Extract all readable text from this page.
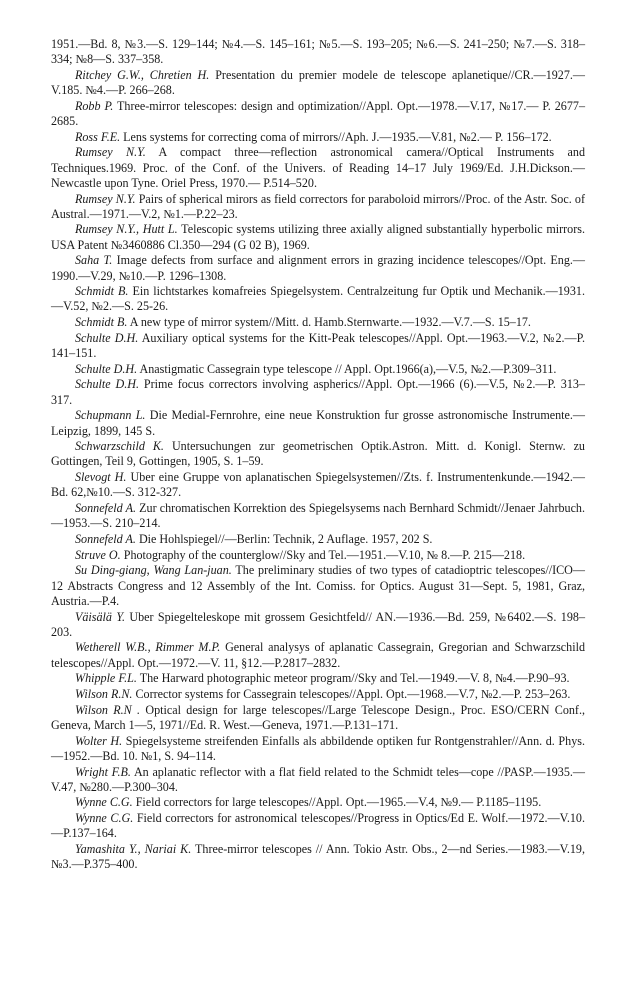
1951.—Bd. 8, №3.—S. 129–144; №4.—S. 145–161; №5.—S. 193–205; №6.—S. 241–250; №7.—S. 318–334; №8—S. 337–358.

Ritchey G.W., Chretien H. Presentation du premier modele de telescope aplanetique//CR.—1927.—V.185. №4.—P. 266–268.

Robb P. Three-mirror telescopes: design and optimization//Appl. Opt.—1978.—V.17, №17.— P. 2677–2685.

Ross F.E. Lens systems for correcting coma of mirrors//Aph. J.—1935.—V.81, №2.— P. 156–172.

Rumsey N.Y. A compact three—reflection astronomical camera//Optical Instruments and Techniques.1969. Proc. of the Conf. of the Univers. of Reading 14–17 July 1969/Ed. J.H.Dickson.—Newcastle upon Tyne. Oriel Press, 1970.— P.514–520.

Rumsey N.Y. Pairs of spherical mirors as field correctors for paraboloid mirrors//Proc. of the Astr. Soc. of Austral.—1971.—V.2, №1.—P.22–23.

Rumsey N.Y., Hutt L. Telescopic systems utilizing three axially aligned substantially hyperbolic mirrors. USA Patent №3460886 Cl.350—294 (G 02 B), 1969.

Saha T. Image defects from surface and alignment errors in grazing incidence telescopes//Opt. Eng.—1990.—V.29, №10.—P. 1296–1308.

Schmidt B. Ein lichtstarkes komafreies Spiegelsystem. Centralzeitung fur Optik und Mechanik.—1931.—V.52, №2.—S. 25-26.

Schmidt B. A new type of mirror system//Mitt. d. Hamb.Sternwarte.—1932.—V.7.—S. 15–17.

Schulte D.H. Auxiliary optical systems for the Kitt-Peak telescopes//Appl. Opt.—1963.—V.2, №2.—P. 141–151.

Schulte D.H. Anastigmatic Cassegrain type telescope // Appl. Opt.1966(a),—V.5, №2.—P.309–311.

Schulte D.H. Prime focus correctors involving aspherics//Appl. Opt.—1966 (6).—V.5, №2.—P. 313–317.

Schupmann L. Die Medial-Fernrohre, eine neue Konstruktion fur grosse astronomische Instrumente.—Leipzig, 1899, 145 S.

Schwarzschild K. Untersuchungen zur geometrischen Optik.Astron. Mitt. d. Konigl. Sternw. zu Gottingen, Teil 9, Gottingen, 1905, S. 1–59.

Slevogt H. Uber eine Gruppe von aplanatischen Spiegelsystemen//Zts. f. Instrumentenkunde.—1942.—Bd. 62,№10.—S. 312-327.

Sonnefeld A. Zur chromatischen Korrektion des Spiegelsysems nach Bernhard Schmidt//Jenaer Jahrbuch.—1953.—S. 210–214.

Sonnefeld A. Die Hohlspiegel//—Berlin: Technik, 2 Auflage. 1957, 202 S.

Struve O. Photography of the counterglow//Sky and Tel.—1951.—V.10, № 8.—P. 215—218.

Su Ding-giang, Wang Lan-juan. The preliminary studies of two types of catadioptric telescopes//ICO—12 Abstracts Congress and 12 Assembly of the Int. Comiss. for Optics. August 31—Sept. 5, 1981, Graz, Austria.—P.4.

Väisälä Y. Uber Spiegelteleskope mit grossem Gesichtfeld// AN.—1936.—Bd. 259, №6402.—S. 198–203.

Wetherell W.B., Rimmer M.P. General analysys of aplanatic Cassegrain, Gregorian and Schwarzschild telescopes//Appl. Opt.—1972.—V. 11, §12.—P.2817–2832.

Whipple F.L. The Harward photographic meteor program//Sky and Tel.—1949.—V. 8, №4.—P.90–93.

Wilson R.N. Corrector systems for Cassegrain telescopes//Appl. Opt.—1968.—V.7, №2.—P. 253–263.

Wilson R.N . Optical design for large telescopes//Large Telescope Design., Proc. ESO/CERN Conf., Geneva, March 1—5, 1971//Ed. R. West.—Geneva, 1971.—P.131–171.

Wolter H. Spiegelsysteme streifenden Einfalls als abbildende optiken fur Rontgenstrahler//Ann. d. Phys.—1952.—Bd. 10. №1, S. 94–114.

Wright F.B. An aplanatic reflector with a flat field related to the Schmidt teles—cope //PASP.—1935.—V.47, №280.—P.300–304.

Wynne C.G. Field correctors for large telescopes//Appl. Opt.—1965.—V.4, №9.— P.1185–1195.

Wynne C.G. Field correctors for astronomical telescopes//Progress in Optics/Ed E. Wolf.—1972.—V.10.—P.137–164.

Yamashita Y., Nariai K. Three-mirror telescopes // Ann. Tokio Astr. Obs., 2—nd Series.—1983.—V.19, №3.—P.375–400.
